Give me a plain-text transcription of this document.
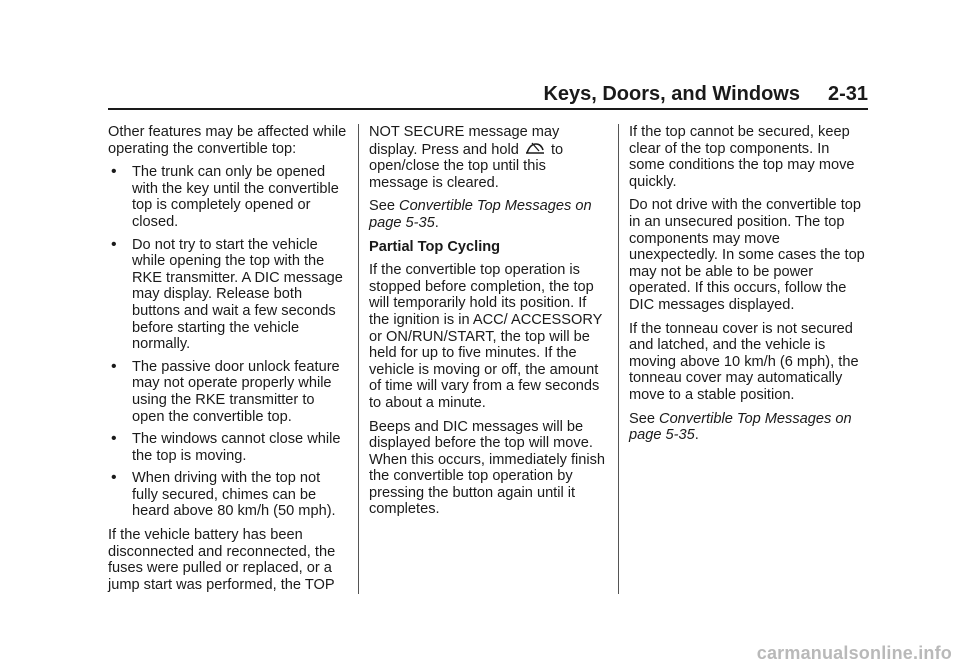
Keys, Doors, and Windows 2-31

Other features may be affected while operating the convertible top:

• The trunk can only be opened with the key until the convertible top is completely opened or closed.
• Do not try to start the vehicle while opening the top with the RKE transmitter. A DIC message may display. Release both buttons and wait a few seconds before starting the vehicle normally.
• The passive door unlock feature may not operate properly while using the RKE transmitter to open the convertible top.
• The windows cannot close while the top is moving.
• When driving with the top not fully secured, chimes can be heard above 80 km/h (50 mph).

If the vehicle battery has been disconnected and reconnected, the fuses were pulled or replaced, or a jump start was performed, the TOP

NOT SECURE message may display. Press and hold to open/close the top until this message is cleared.

See Convertible Top Messages on page 5-35.

Partial Top Cycling

If the convertible top operation is stopped before completion, the top will temporarily hold its position. If the ignition is in ACC/ ACCESSORY or ON/RUN/START, the top will be held for up to five minutes. If the vehicle is moving or off, the amount of time will vary from a few seconds to about a minute.

Beeps and DIC messages will be displayed before the top will move. When this occurs, immediately finish the convertible top operation by pressing the button again until it completes.

If the top cannot be secured, keep clear of the top components. In some conditions the top may move quickly.

Do not drive with the convertible top in an unsecured position. The top components may move unexpectedly. In some cases the top may not be able to be power operated. If this occurs, follow the DIC messages displayed.

If the tonneau cover is not secured and latched, and the vehicle is moving above 10 km/h (6 mph), the tonneau cover may automatically move to a stable position.

See Convertible Top Messages on page 5-35.

carmanualsonline.info
